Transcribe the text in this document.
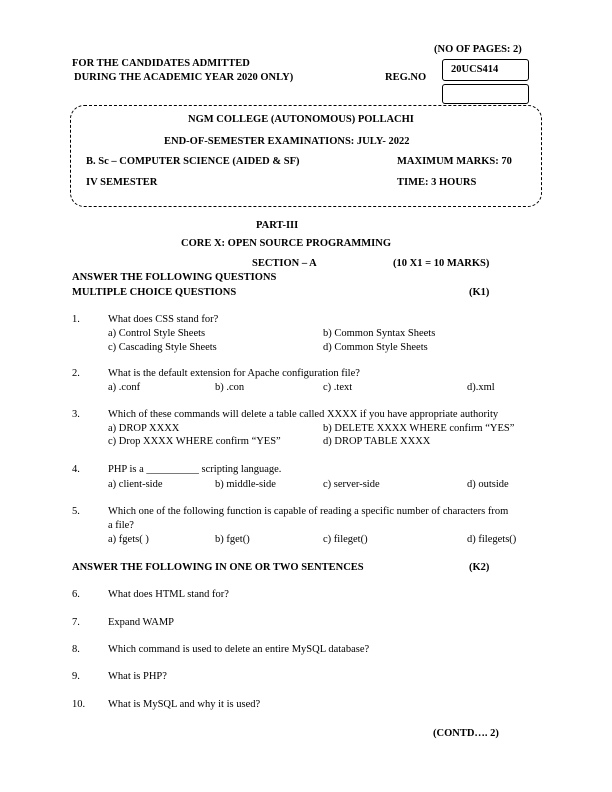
(NO OF PAGES: 2)
FOR THE CANDIDATES ADMITTED
DURING THE ACADEMIC YEAR 2020 ONLY)	REG.NO
20UCS414
NGM COLLEGE (AUTONOMOUS) POLLACHI
END-OF-SEMESTER EXAMINATIONS: JULY- 2022
B. Sc – COMPUTER SCIENCE (AIDED & SF)	MAXIMUM MARKS: 70
IV SEMESTER	TIME: 3 HOURS
PART-III
CORE X: OPEN SOURCE PROGRAMMING
SECTION – A	(10 X1 = 10 MARKS)
ANSWER THE FOLLOWING QUESTIONS
MULTIPLE CHOICE QUESTIONS	(K1)
1.	What does CSS stand for?
a) Control Style Sheets	b) Common Syntax Sheets
c) Cascading Style Sheets	d) Common Style Sheets
2.	What is the default extension for Apache configuration file?
a) .conf	b) .con	c) .text	d).xml
3.	Which of these commands will delete a table called XXXX if you have appropriate authority
a) DROP XXXX	b) DELETE XXXX WHERE confirm “YES”
c) Drop XXXX WHERE confirm “YES”	d) DROP TABLE XXXX
4.	PHP is a __________ scripting language.
a) client-side	b) middle-side	c) server-side	d) outside
5.	Which one of the following function is capable of reading a specific number of characters from
a file?
a) fgets( )	b) fget()	c) fileget()	d) filegets()
ANSWER THE FOLLOWING IN ONE OR TWO SENTENCES	(K2)
6.	What does HTML stand for?
7.	Expand WAMP
8.	Which command is used to delete an entire MySQL database?
9.	What is PHP?
10. What is MySQL and why it is used?
(CONTD…. 2)
